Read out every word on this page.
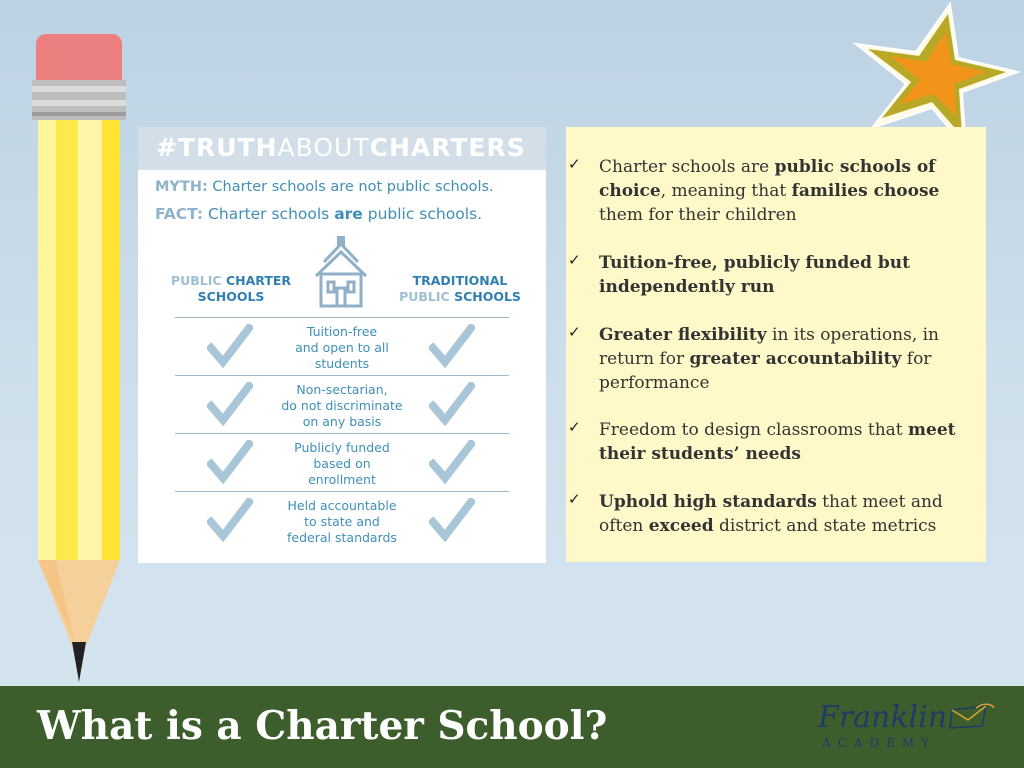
#TRUTHABOUTCHARTERS
MYTH: Charter schools are not public schools.
FACT: Charter schools are public schools.
PUBLIC CHARTER
SCHOOLS
TRADITIONAL
PUBLIC SCHOOLS
Tuition-free
and open to all
students
Non-sectarian,
do not discriminate
on any basis
Publicly funded
based on
enrollment
Held accountable
to state and
federal standards
✓ Charter schools are public schools of choice, meaning that families choose them for their children
✓ Tuition-free, publicly funded but independently run
✓ Greater flexibility in its operations, in return for greater accountability for performance
✓ Freedom to design classrooms that meet their students’ needs
✓ Uphold high standards that meet and often exceed district and state metrics
What is a Charter School?	Franklin
ACADEMY
